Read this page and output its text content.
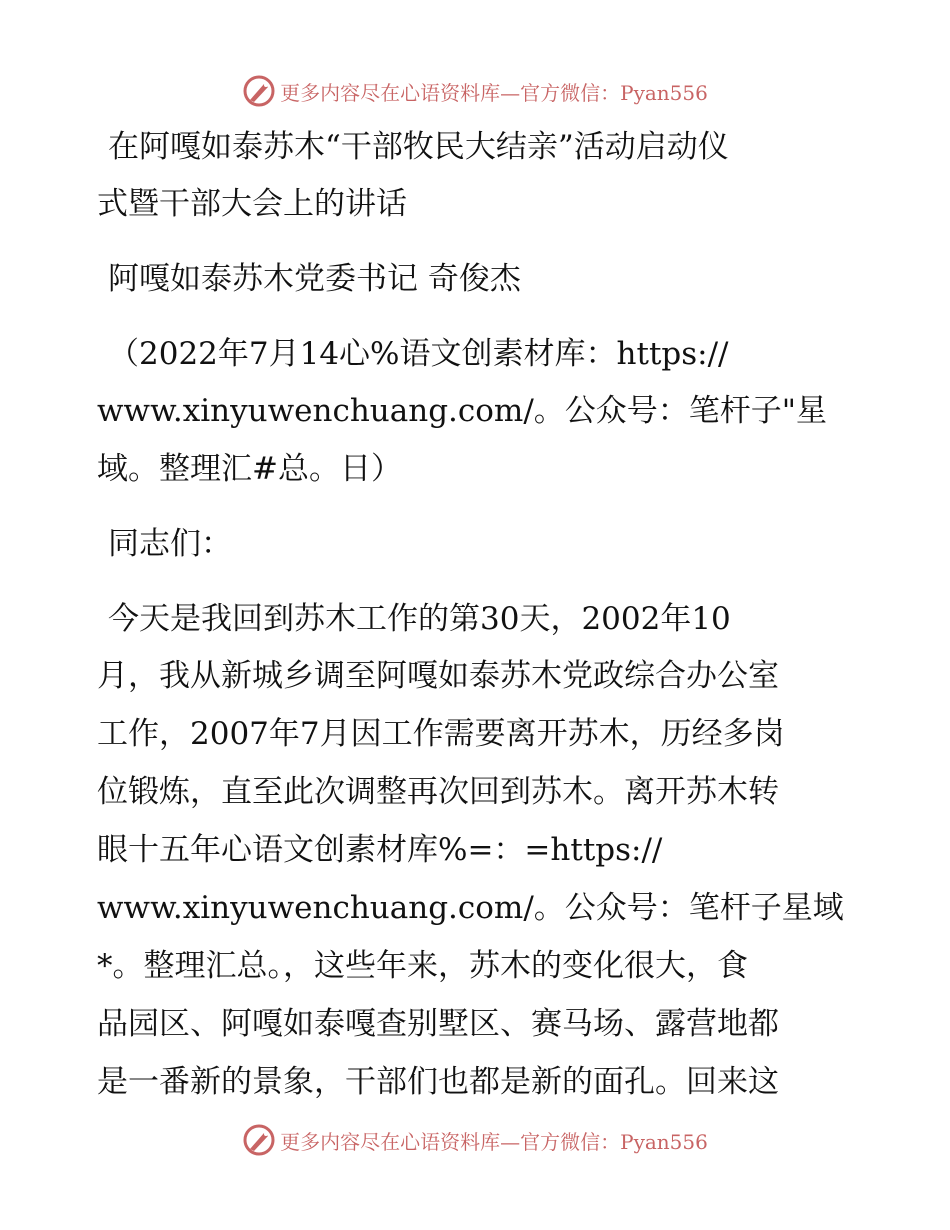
更多内容尽在心语资料库—官方微信：Pyan556
在阿嘎如泰苏木“干部牧民大结亲”活动启动仪
式暨干部大会上的讲话
阿嘎如泰苏木党委书记 奇俊杰
（2022年7月14心%语文创素材库：https://
www.xinyuwenchuang.com/。公众号：笔杆子"星
域。整理汇#总。日）
同志们：
今天是我回到苏木工作的第30天，2002年10
月，我从新城乡调至阿嘎如泰苏木党政综合办公室
工作，2007年7月因工作需要离开苏木，历经多岗
位锻炼，直至此次调整再次回到苏木。离开苏木转
眼十五年心语文创素材库%=：=https://
www.xinyuwenchuang.com/。公众号：笔杆子星域
*。整理汇总。，这些年来，苏木的变化很大，食
品园区、阿嘎如泰嘎查别墅区、赛马场、露营地都
是一番新的景象，干部们也都是新的面孔。回来这
更多内容尽在心语资料库—官方微信：Pyan556
